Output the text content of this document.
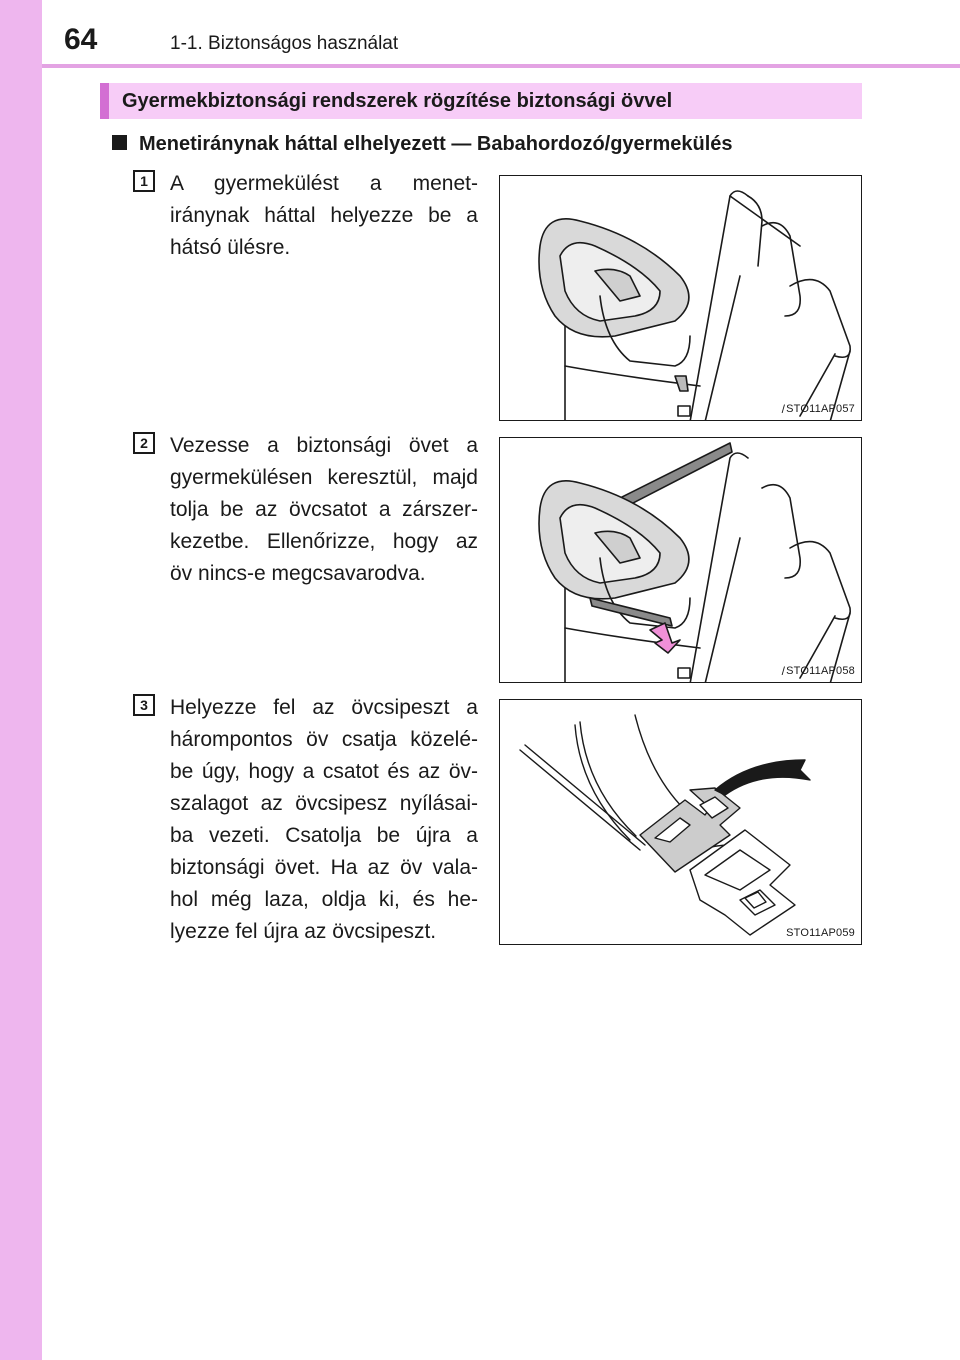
64	1-1. Biztonságos használat
Gyermekbiztonsági rendszerek rögzítése biztonsági övvel
Menetiránynak háttal elhelyezett — Babahordozó/gyermekülés
1	A gyermekülést a menet-
iránynak háttal helyezze be a
hátsó ülésre.
/ STO11AP057
2	Vezesse a biztonsági övet a
gyermekülésen keresztül, majd
tolja be az övcsatot a zárszer-
kezetbe. Ellenőrizze, hogy az
öv nincs-e megcsavarodva.
/ STO11AP058
3	Helyezze fel az övcsipeszt a
hárompontos öv csatja közelé-
be úgy, hogy a csatot és az öv-
szalagot az övcsipesz nyílásai-
ba vezeti. Csatolja be újra a
biztonsági övet. Ha az öv vala-
hol még laza, oldja ki, és he-
lyezze fel újra az övcsipeszt.	STO11AP059
